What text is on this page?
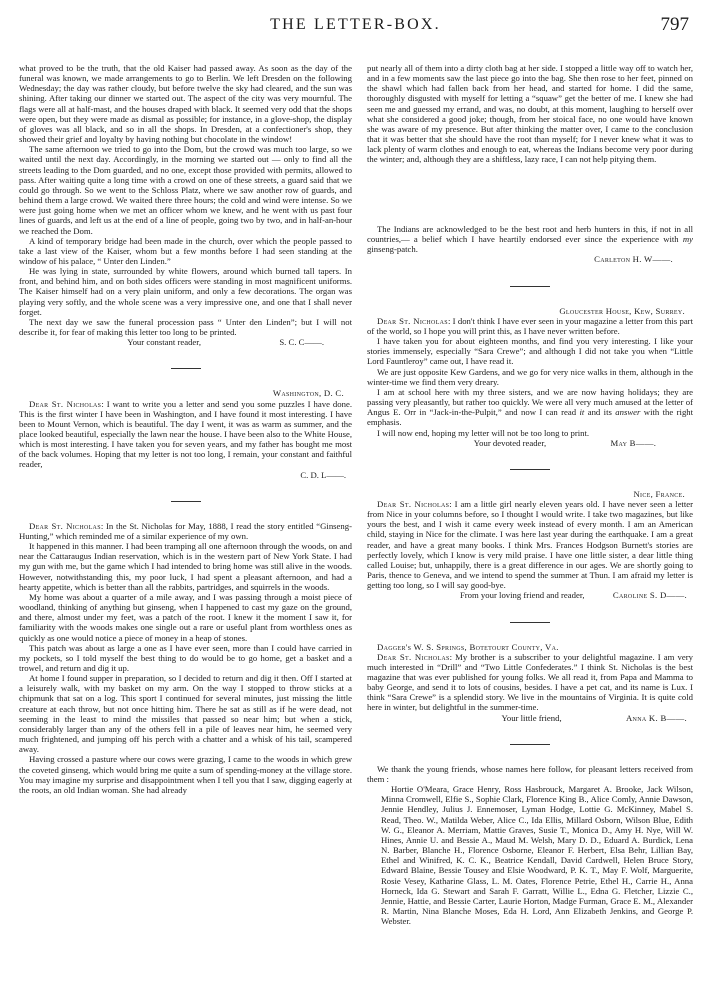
THE LETTER-BOX.	797

what proved to be the truth, that the old Kaiser had passed away. As soon as the day of the funeral was known, we made arrangements to go to Berlin. We left Dresden on the following Wednesday; the day was rather cloudy, but before twelve the sky had cleared, and the sun was shining. After taking our dinner we started out. The aspect of the city was very mournful. The flags were all at half-mast, and the houses draped with black. It seemed very odd that the shops were open, but they were made as dismal as possible; for instance, in a glove-shop, the display of gloves was all black, and so in all the shops. In Dresden, at a confectioner's shop, they showed their grief and loyalty by having nothing but chocolate in the window!

The same afternoon we tried to go into the Dom, but the crowd was much too large, so we waited until the next day. Accordingly, in the morning we started out — only to find all the streets leading to the Dom guarded, and no one, except those provided with permits, allowed to pass. After waiting quite a long time with a crowd on one of these streets, a guard said that we could go through. So we went to the Schloss Platz, where we saw another row of guards, and behind them a large crowd. We waited there three hours; the cold and wind were intense. So we were just going home when we met an officer whom we knew, and he went with us past four lines of guards, and left us at the end of a line of people, going two by two, and in half-an-hour we reached the Dom.

A kind of temporary bridge had been made in the church, over which the people passed to take a last view of the Kaiser, whom but a few months before I had seen standing at the window of his palace, “ Unter den Linden.”

He was lying in state, surrounded by white flowers, around which burned tall tapers. In front, and behind him, and on both sides officers were standing in most magnificent uniforms. The Kaiser himself had on a very plain uniform, and only a few decorations. The organ was playing very softly, and the whole scene was a very impressive one, and one that I shall never forget.

The next day we saw the funeral procession pass “ Unter den Linden”; but I will not describe it, for fear of making this letter too long to be printed.

Your constant reader,	S. C. C——.

Washington, D. C.

Dear St. Nicholas: I want to write you a letter and send you some puzzles I have done. This is the first winter I have been in Washington, and I have found it most interesting. I have been to Mount Vernon, which is beautiful. The day I went, it was as warm as summer, and the place looked beautiful, especially the lawn near the house. I have been also to the White House, which is most interesting. I have taken you for seven years, and my father has bought me most of the back volumes. Hoping that my letter is not too long, I remain, your constant and faithful reader,

C. D. L——.

Dear St. Nicholas: In the St. Nicholas for May, 1888, I read the story entitled “Ginseng-Hunting,” which reminded me of a similar experience of my own.

It happened in this manner. I had been tramping all one afternoon through the woods, on and near the Cattaraugus Indian reservation, which is in the western part of New York State. I had my gun with me, but the game which I had intended to bring home was still alive in the woods. However, notwithstanding this, my poor luck, I had spent a pleasant afternoon, and had a hearty appetite, which is better than all the rabbits, partridges, and squirrels in the woods.

My home was about a quarter of a mile away, and I was passing through a moist piece of woodland, thinking of anything but ginseng, when I happened to cast my gaze on the ground, and there, almost under my feet, was a patch of the root. I knew it the moment I saw it, for familiarity with the woods makes one single out a rare or useful plant from worthless ones as quickly as one would notice a piece of money in a heap of stones.

This patch was about as large a one as I have ever seen, more than I could have carried in my pockets, so I told myself the best thing to do would be to go home, get a basket and a trowel, and return and dig it up.

At home I found supper in preparation, so I decided to return and dig it then. Off I started at a leisurely walk, with my basket on my arm. On the way I stopped to throw sticks at a chipmunk that sat on a log. This sport I continued for several minutes, just missing the little creature at each throw, but not once hitting him. There he sat as still as if he were dead, not seeming in the least to mind the missiles that passed so near him; but when a stick, considerably larger than any of the others fell in a pile of leaves near him, he seemed very much frightened, and jumping off his perch with a chatter and a whisk of his tail, scampered away.

Having crossed a pasture where our cows were grazing, I came to the woods in which grew the coveted ginseng, which would bring me quite a sum of spending-money at the village store. You may imagine my surprise and disappointment when I tell you that I saw, digging eagerly at the roots, an old Indian woman. She had already

put nearly all of them into a dirty cloth bag at her side. I stopped a little way off to watch her, and in a few moments saw the last piece go into the bag. She then rose to her feet, pinned on the shawl which had fallen back from her head, and started for home. I did the same, thoroughly disgusted with myself for letting a “squaw” get the better of me. I knew she had seen me and guessed my errand, and was, no doubt, at this moment, laughing to herself over what she considered a good joke; though, from her stoical face, no one would have known she was aware of my presence. But after thinking the matter over, I came to the conclusion that it was better that she should have the root than myself; for I never knew what it was to lack plenty of warm clothes and enough to eat, whereas the Indians become very poor during the winter; and, although they are a shiftless, lazy race, I can not help pitying them.

The Indians are acknowledged to be the best root and herb hunters in this, if not in all countries,— a belief which I have heartily endorsed ever since the experience with my ginseng-patch.

Carleton H. W——.

Gloucester House, Kew, Surrey.

Dear St. Nicholas: I don't think I have ever seen in your magazine a letter from this part of the world, so I hope you will print this, as I have never written before.

I have taken you for about eighteen months, and find you very interesting. I like your stories immensely, especially “Sara Crewe”; and although I did not take you when “Little Lord Fauntleroy” came out, I have read it.

We are just opposite Kew Gardens, and we go for very nice walks in them, although in the winter-time we find them very dreary.

I am at school here with my three sisters, and we are now having holidays; they are passing very pleasantly, but rather too quickly. We were all very much amused at the letter of Angus E. Orr in “Jack-in-the-Pulpit,” and now I can read it and its answer with the right emphasis.

I will now end, hoping my letter will not be too long to print.

Your devoted reader,	May B——.

Nice, France.

Dear St. Nicholas: I am a little girl nearly eleven years old. I have never seen a letter from Nice in your columns before, so I thought I would write. I take two magazines, but like yours the best, and I wish it came every week instead of every month. I am an American child, staying in Nice for the climate. I was here last year during the earthquake. I am a great reader, and have a great many books. I think Mrs. Frances Hodgson Burnett's stories are perfectly lovely, which I know is very mild praise. I have one little sister, a dear little thing called Louise; but, unhappily, there is a great difference in our ages. We are shortly going to Paris, thence to Geneva, and we intend to spend the summer at Thun. I am afraid my letter is getting too long, so I will say good-bye.

From your loving friend and reader,	Caroline S. D——.

Dagger's W. S. Springs, Botetourt County, Va.

Dear St. Nicholas: My brother is a subscriber to your delightful magazine. I am very much interested in “Drill” and “Two Little Confederates.” I think St. Nicholas is the best magazine that was ever published for young folks. We all read it, from Papa and Mamma to baby George, and send it to lots of cousins, besides. I have a pet cat, and its name is Lux. I think “Sara Crewe” is a splendid story. We live in the mountains of Virginia. It is quite cold here in winter, but delightful in the summer-time.

Your little friend,	Anna K. B——.

We thank the young friends, whose names here follow, for pleasant letters received from them :

Hortie O'Meara, Grace Henry, Ross Hasbrouck, Margaret A. Brooke, Jack Wilson, Minna Cromwell, Elfie S., Sophie Clark, Florence King B., Alice Comly, Annie Dawson, Jennie Hendley, Julius J. Ennemoser, Lyman Hodge, Lottie G. McKinney, Mabel S. Read, Theo. W., Matilda Weber, Alice C., Ida Ellis, Millard Osborn, Wilson Blue, Edith W. G., Eleanor A. Merriam, Mattie Graves, Susie T., Monica D., Amy H. Nye, Will W. Hines, Annie U. and Bessie A., Maud M. Welsh, Mary D. D., Eduard A. Burdick, Lena N. Barber, Blanche H., Florence Osborne, Eleanor F. Herbert, Elsa Behr, Lillian Bay, Ethel and Winifred, K. C. K., Beatrice Kendall, David Cardwell, Helen Bruce Story, Edward Blaine, Bessie Tousey and Elsie Woodward, P. K. T., May F. Wolf, Marguerite, Rosie Vesey, Katharine Glass, L. M. Oates, Florence Petrie, Ethel H., Carrie H., Anna Horneck, Ida G. Stewart and Sarah F. Garratt, Willie L., Edna G. Fletcher, Lizzie C., Jennie, Hattie, and Bessie Carter, Laurie Horton, Madge Furman, Grace E. M., Alexander R. Martin, Nina Blanche Moses, Eda H. Lord, Ann Elizabeth Jenkins, and George P. Webster.
